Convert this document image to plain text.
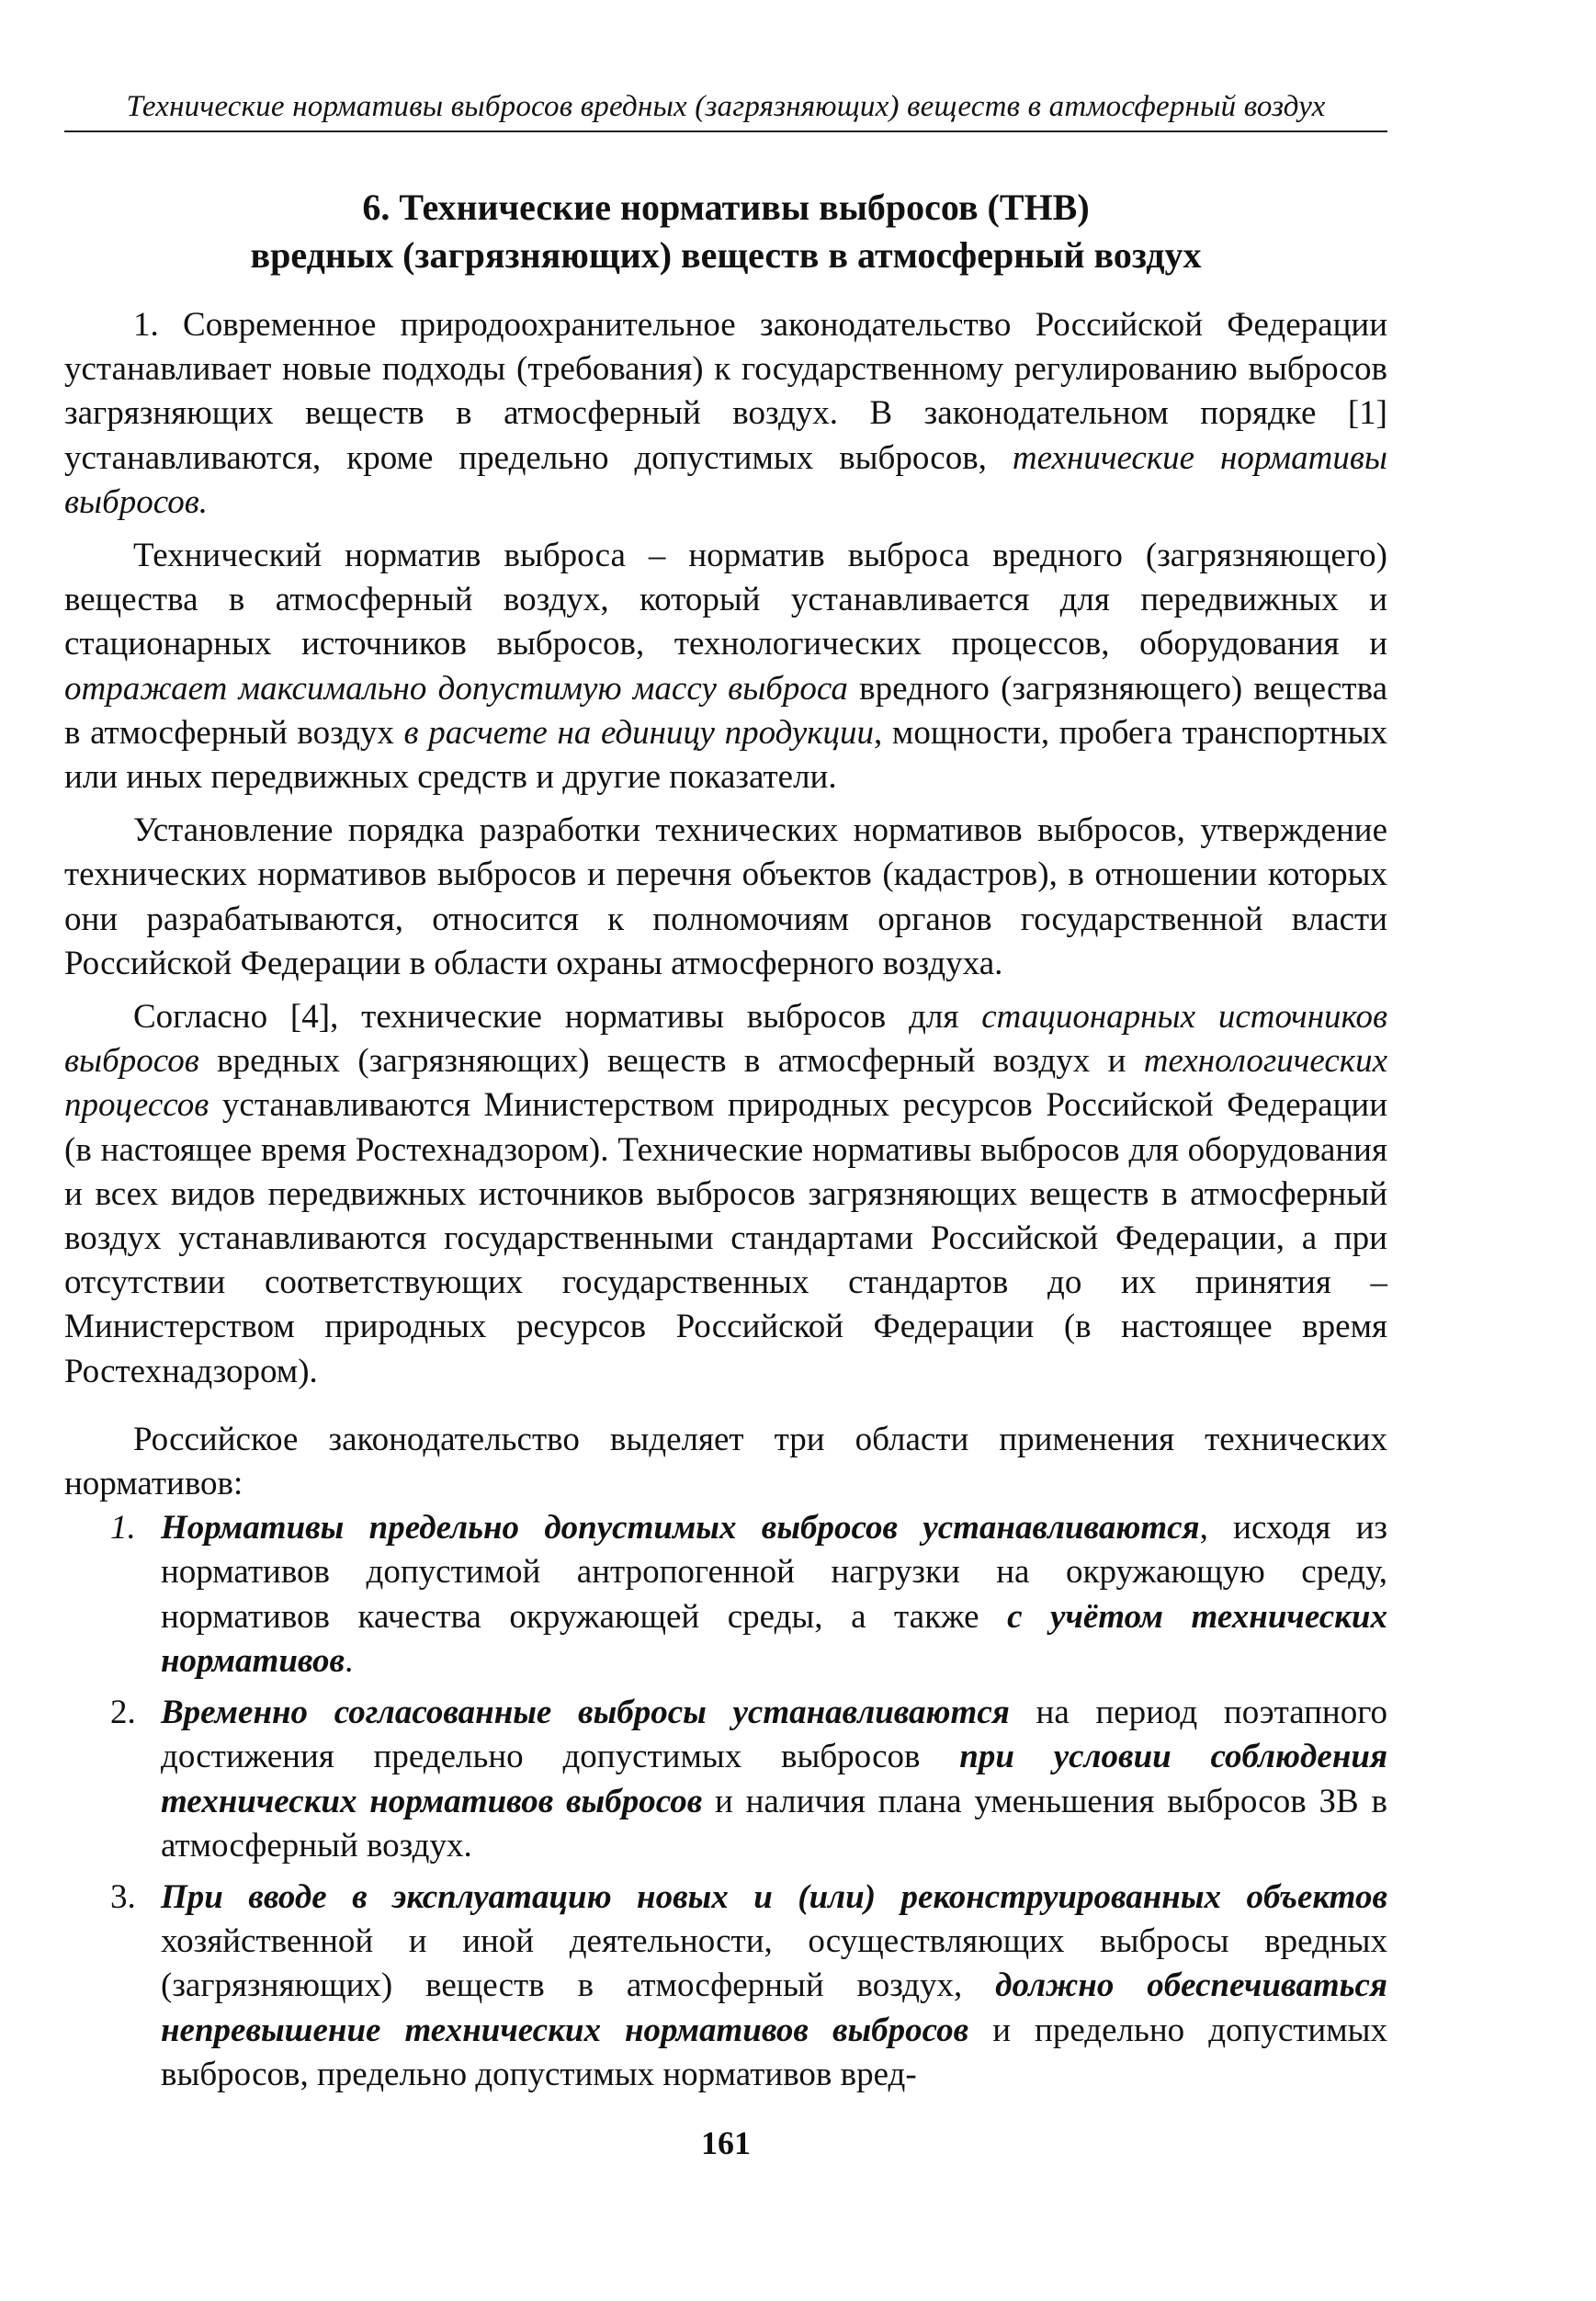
Технические нормативы выбросов вредных (загрязняющих) веществ в атмосферный воздух
6. Технические нормативы выбросов (ТНВ)
вредных (загрязняющих) веществ в атмосферный воздух

1. Современное природоохранительное законодательство Российской Федерации устанавливает новые подходы (требования) к государственному регулированию выбросов загрязняющих веществ в атмосферный воздух. В законодательном порядке [1] устанавливаются, кроме предельно допустимых выбросов, технические нормативы выбросов.

Технический норматив выброса – норматив выброса вредного (загрязняющего) вещества в атмосферный воздух, который устанавливается для передвижных и стационарных источников выбросов, технологических процессов, оборудования и отражает максимально допустимую массу выброса вредного (загрязняющего) вещества в атмосферный воздух в расчете на единицу продукции, мощности, пробега транспортных или иных передвижных средств и другие показатели.

Установление порядка разработки технических нормативов выбросов, утверждение технических нормативов выбросов и перечня объектов (кадастров), в отношении которых они разрабатываются, относится к полномочиям органов государственной власти Российской Федерации в области охраны атмосферного воздуха.

Согласно [4], технические нормативы выбросов для стационарных источников выбросов вредных (загрязняющих) веществ в атмосферный воздух и технологических процессов устанавливаются Министерством природных ресурсов Российской Федерации (в настоящее время Ростехнадзором). Технические нормативы выбросов для оборудования и всех видов передвижных источников выбросов загрязняющих веществ в атмосферный воздух устанавливаются государственными стандартами Российской Федерации, а при отсутствии соответствующих государственных стандартов до их принятия – Министерством природных ресурсов Российской Федерации (в настоящее время Ростехнадзором).

Российское законодательство выделяет три области применения технических нормативов:

1. Нормативы предельно допустимых выбросов устанавливаются, исходя из нормативов допустимой антропогенной нагрузки на окружающую среду, нормативов качества окружающей среды, а также с учётом технических нормативов.
2. Временно согласованные выбросы устанавливаются на период поэтапного достижения предельно допустимых выбросов при условии соблюдения технических нормативов выбросов и наличия плана уменьшения выбросов ЗВ в атмосферный воздух.
3. При вводе в эксплуатацию новых и (или) реконструированных объектов хозяйственной и иной деятельности, осуществляющих выбросы вредных (загрязняющих) веществ в атмосферный воздух, должно обеспечиваться непревышение технических нормативов выбросов и предельно допустимых выбросов, предельно допустимых нормативов вред-
161
